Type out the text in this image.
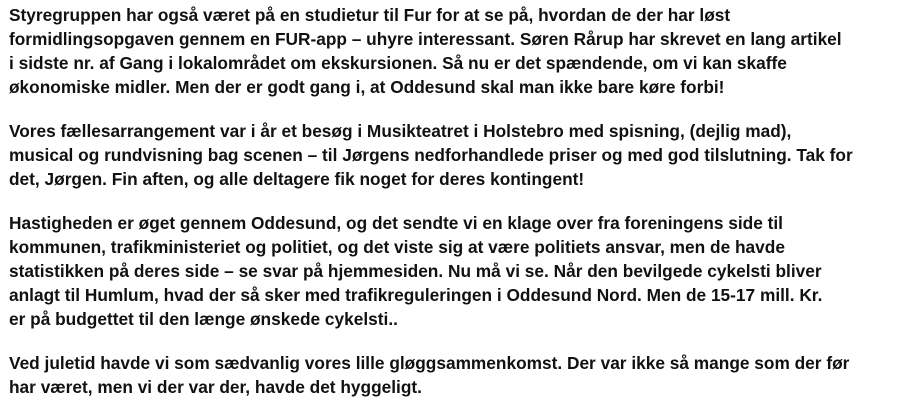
Styregruppen har også været på en studietur til Fur for at se på, hvordan de der har løst
formidlingsopgaven gennem en FUR-app – uhyre interessant. Søren Rårup har skrevet en lang artikel
i sidste nr. af Gang i lokalområdet om ekskursionen. Så nu er det spændende, om vi kan skaffe
økonomiske midler. Men der er godt gang i, at Oddesund skal man ikke bare køre forbi!
Vores fællesarrangement var i år et besøg i Musikteatret i Holstebro med spisning, (dejlig mad),
musical og rundvisning bag scenen – til Jørgens nedforhandlede priser og med god tilslutning. Tak for
det, Jørgen. Fin aften, og alle deltagere fik noget for deres kontingent!
Hastigheden er øget gennem Oddesund, og det sendte vi en klage over fra foreningens side til
kommunen, trafikministeriet og politiet, og det viste sig at være politiets ansvar, men de havde
statistikken på deres side – se svar på hjemmesiden. Nu må vi se. Når den bevilgede cykelsti bliver
anlagt til Humlum, hvad der så sker med trafikreguleringen i Oddesund Nord. Men de 15-17 mill. Kr.
er på budgettet til den længe ønskede cykelsti..
Ved juletid havde vi som sædvanlig vores lille gløggsammenkomst. Der var ikke så mange som der før
har været, men vi der var der, havde det hyggeligt.
